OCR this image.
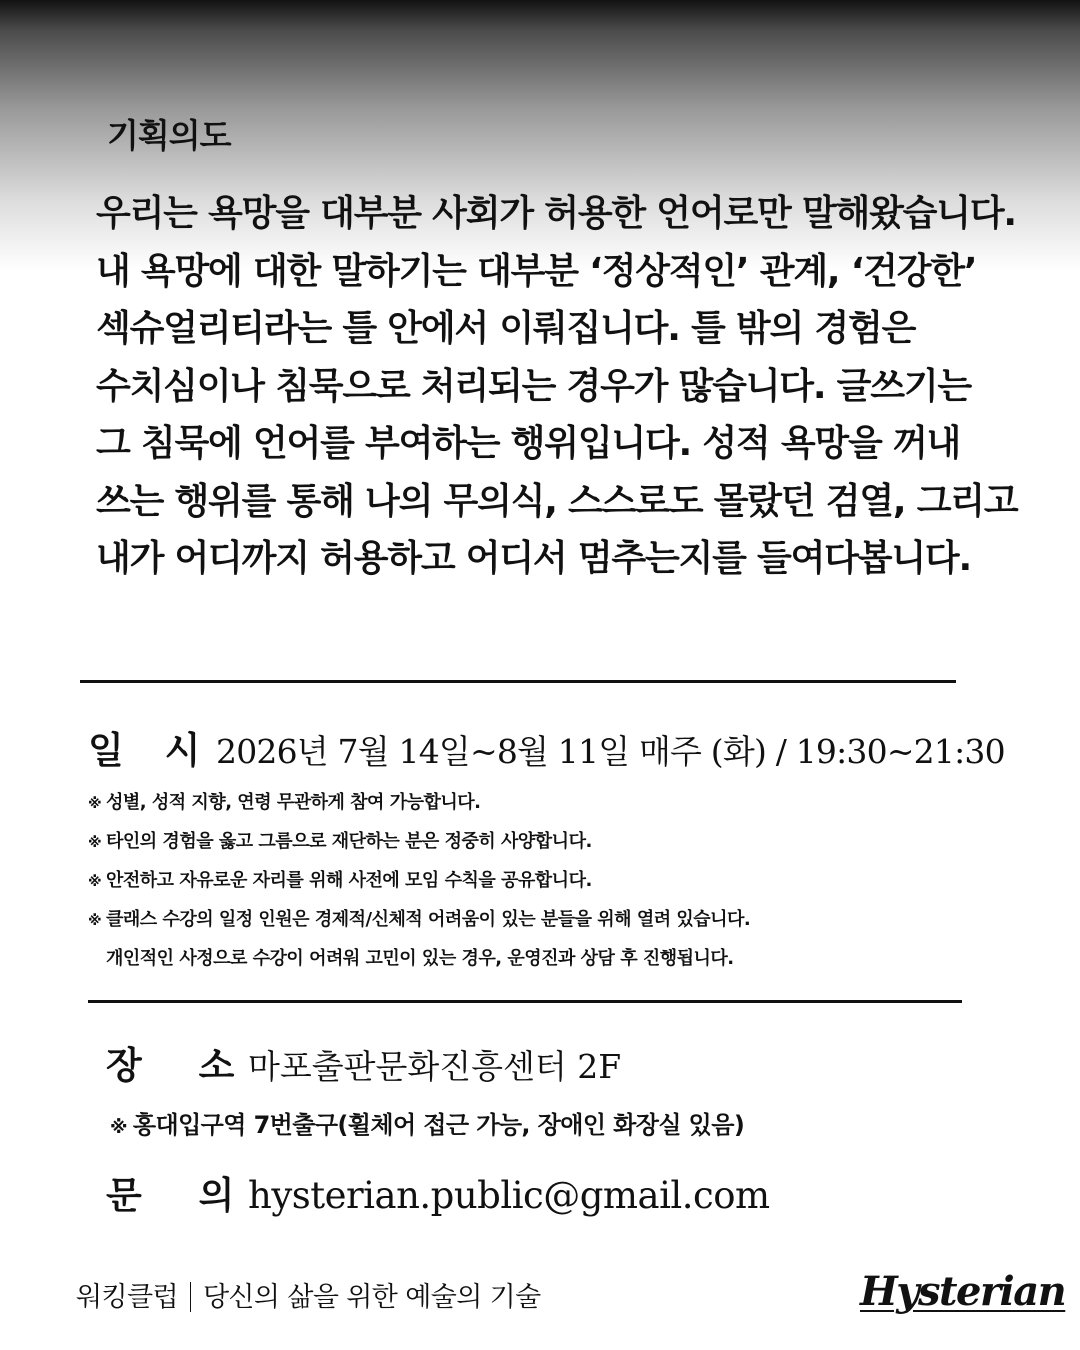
기획의도
우리는 욕망을 대부분 사회가 허용한 언어로만 말해왔습니다.
내 욕망에 대한 말하기는 대부분 ‘정상적인’ 관계, ‘건강한’
섹슈얼리티라는 틀 안에서 이뤄집니다. 틀 밖의 경험은
수치심이나 침묵으로 처리되는 경우가 많습니다. 글쓰기는
그 침묵에 언어를 부여하는 행위입니다. 성적 욕망을 꺼내
쓰는 행위를 통해 나의 무의식, 스스로도 몰랐던 검열, 그리고
내가 어디까지 허용하고 어디서 멈추는지를 들여다봅니다.
일 시 2026년 7월 14일~8월 11일 매주 (화) / 19:30~21:30
※ 성별, 성적 지향, 연령 무관하게 참여 가능합니다.
※ 타인의 경험을 옳고 그름으로 재단하는 분은 정중히 사양합니다.
※ 안전하고 자유로운 자리를 위해 사전에 모임 수칙을 공유합니다.
※ 클래스 수강의 일정 인원은 경제적/신체적 어려움이 있는 분들을 위해 열려 있습니다.
개인적인 사정으로 수강이 어려워 고민이 있는 경우, 운영진과 상담 후 진행됩니다.
장 소
마포출판문화진흥센터 2F
※ 홍대입구역 7번출구(휠체어 접근 가능, 장애인 화장실 있음)
문 의
hysterian.public@gmail.com
워킹클럽 당신의 삶을 위한 예술의 기술	Hysterian
